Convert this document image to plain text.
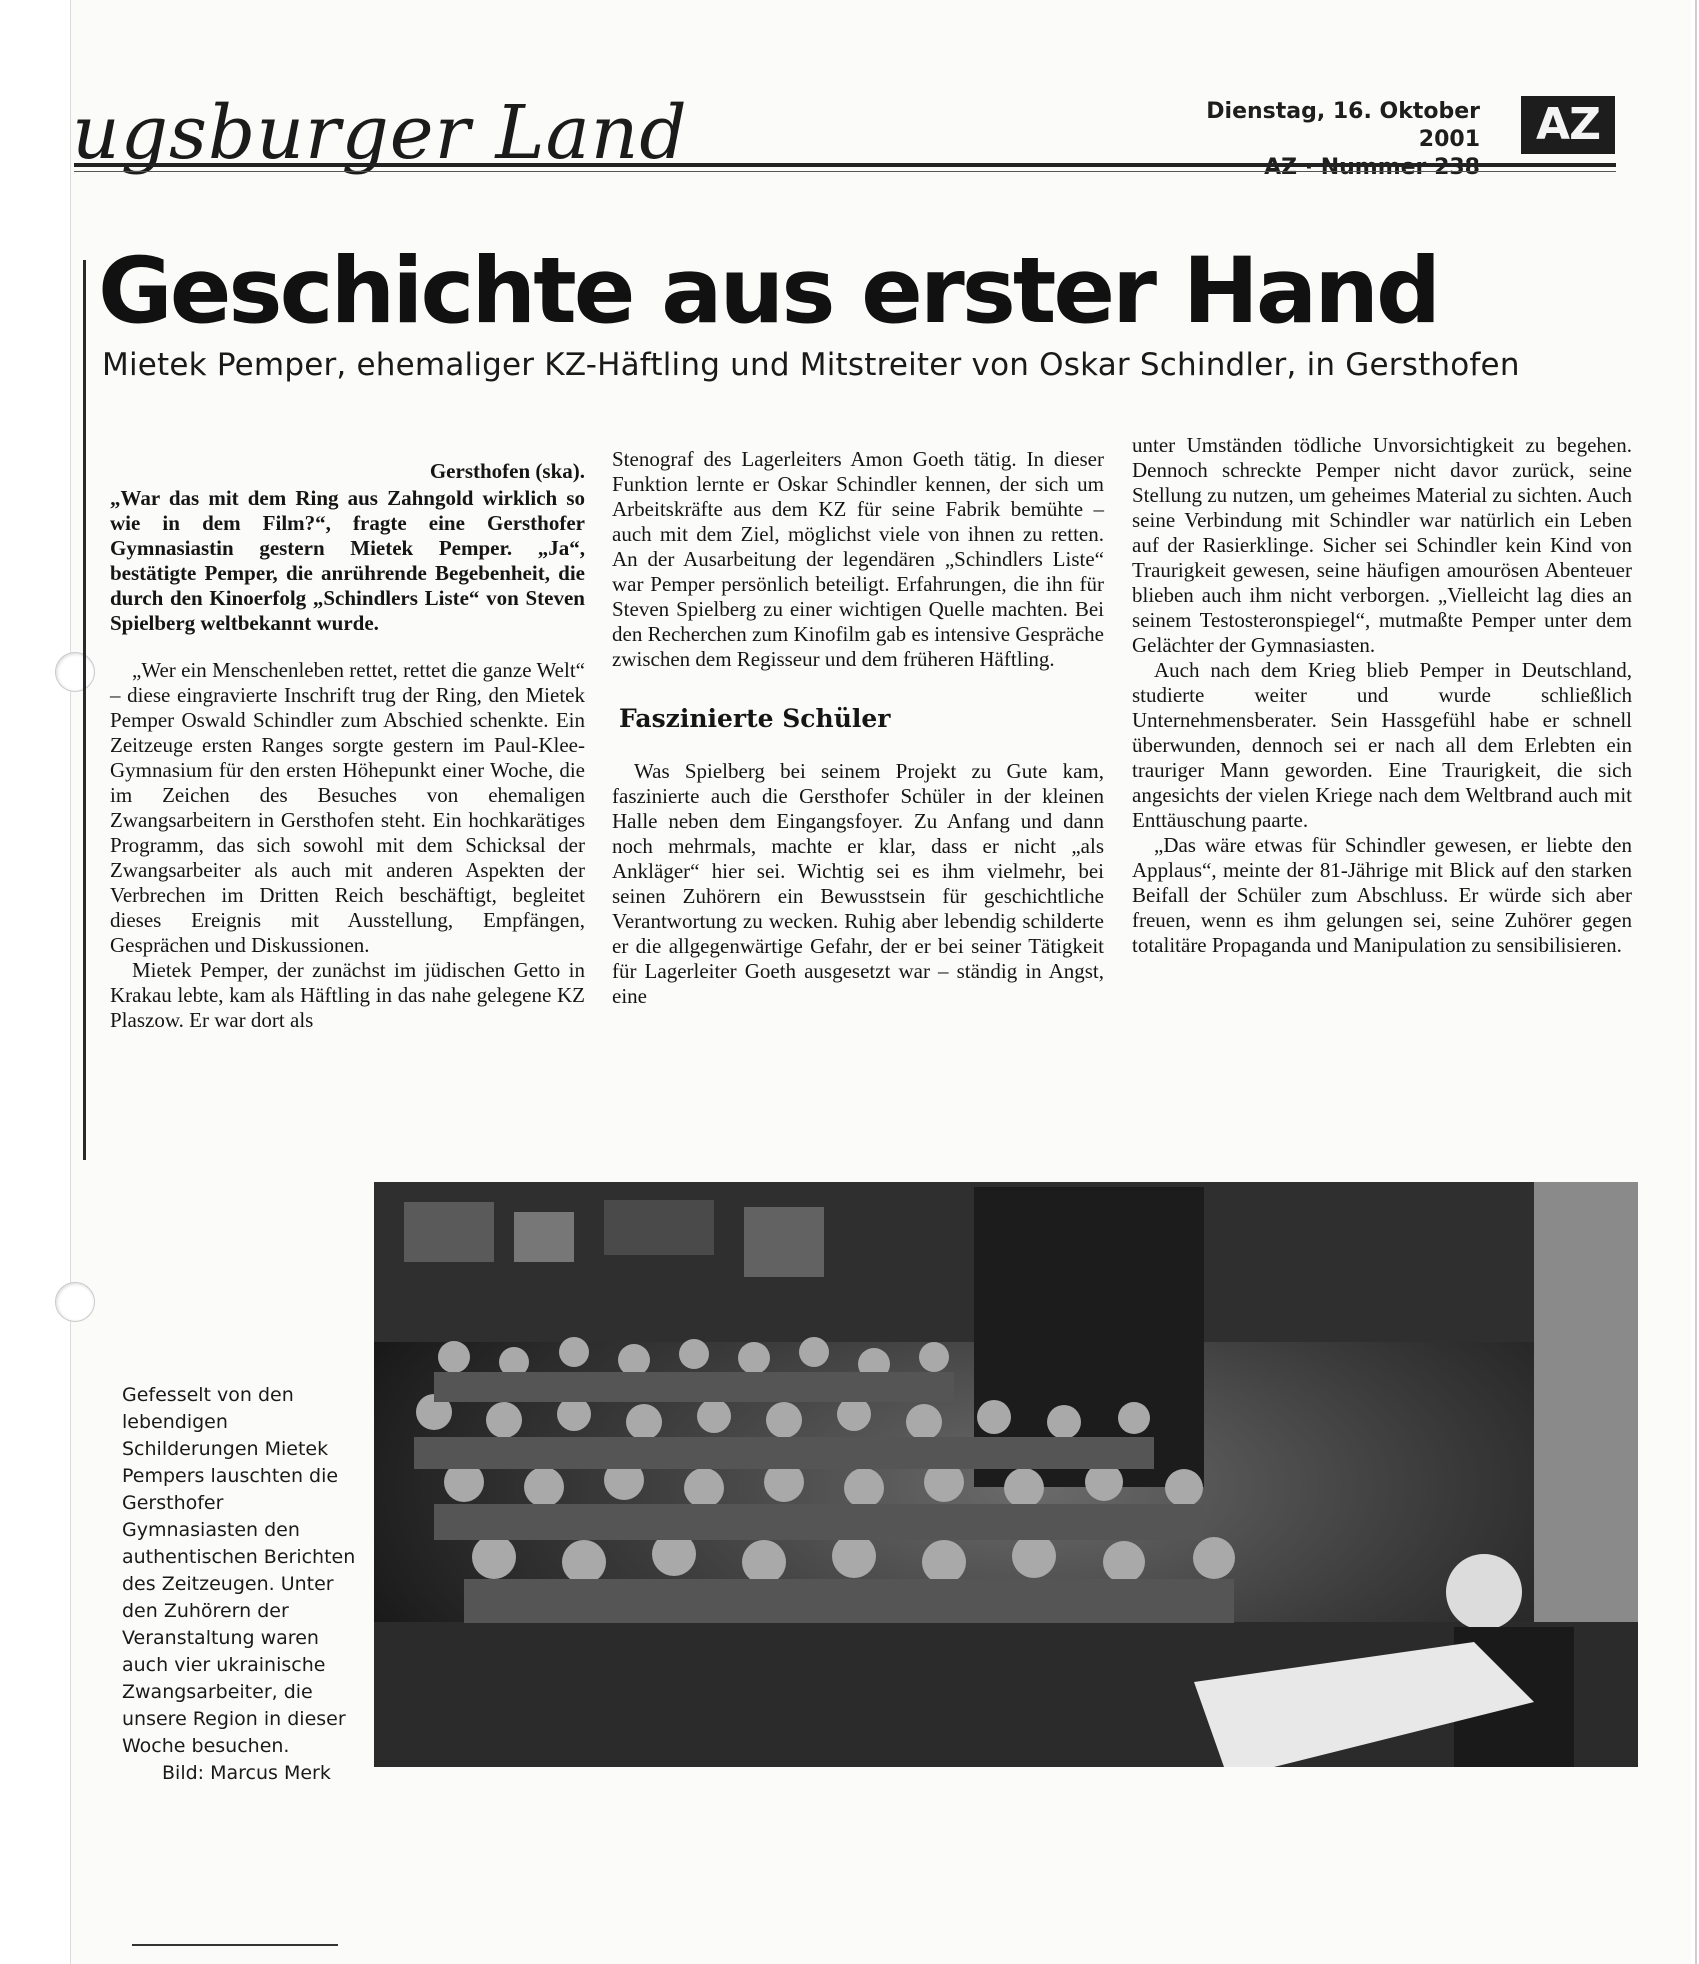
ugsburger Land	Dienstag, 16. Oktober 2001
AZ · Nummer 238
AZ
Geschichte aus erster Hand
Mietek Pemper, ehemaliger KZ-Häftling und Mitstreiter von Oskar Schindler, in Gersthofen
Gersthofen (ska).

„War das mit dem Ring aus Zahngold wirklich so wie in dem Film?“, fragte eine Gersthofer Gymnasiastin gestern Mietek Pemper. „Ja“, bestätigte Pemper, die anrührende Begebenheit, die durch den Kinoerfolg „Schindlers Liste“ von Steven Spielberg weltbekannt wurde.

„Wer ein Menschenleben rettet, rettet die ganze Welt“ – diese eingravierte Inschrift trug der Ring, den Mietek Pemper Oswald Schindler zum Abschied schenkte. Ein Zeitzeuge ersten Ranges sorgte gestern im Paul-Klee-Gymnasium für den ersten Höhepunkt einer Woche, die im Zeichen des Besuches von ehemaligen Zwangsarbeitern in Gersthofen steht. Ein hochkarätiges Programm, das sich sowohl mit dem Schicksal der Zwangsarbeiter als auch mit anderen Aspekten der Verbrechen im Dritten Reich beschäftigt, begleitet dieses Ereignis mit Ausstellung, Empfängen, Gesprächen und Diskussionen.

Mietek Pemper, der zunächst im jüdischen Getto in Krakau lebte, kam als Häftling in das nahe gelegene KZ Plaszow. Er war dort als

Stenograf des Lagerleiters Amon Goeth tätig. In dieser Funktion lernte er Oskar Schindler kennen, der sich um Arbeitskräfte aus dem KZ für seine Fabrik bemühte – auch mit dem Ziel, möglichst viele von ihnen zu retten. An der Ausarbeitung der legendären „Schindlers Liste“ war Pemper persönlich beteiligt. Erfahrungen, die ihn für Steven Spielberg zu einer wichtigen Quelle machten. Bei den Recherchen zum Kinofilm gab es intensive Gespräche zwischen dem Regisseur und dem früheren Häftling.

Faszinierte Schüler

Was Spielberg bei seinem Projekt zu Gute kam, faszinierte auch die Gersthofer Schüler in der kleinen Halle neben dem Eingangsfoyer. Zu Anfang und dann noch mehrmals, machte er klar, dass er nicht „als Ankläger“ hier sei. Wichtig sei es ihm vielmehr, bei seinen Zuhörern ein Bewusstsein für geschichtliche Verantwortung zu wecken. Ruhig aber lebendig schilderte er die allgegenwärtige Gefahr, der er bei seiner Tätigkeit für Lagerleiter Goeth ausgesetzt war – ständig in Angst, eine

unter Umständen tödliche Unvorsichtigkeit zu begehen. Dennoch schreckte Pemper nicht davor zurück, seine Stellung zu nutzen, um geheimes Material zu sichten. Auch seine Verbindung mit Schindler war natürlich ein Leben auf der Rasierklinge. Sicher sei Schindler kein Kind von Traurigkeit gewesen, seine häufigen amourösen Abenteuer blieben auch ihm nicht verborgen. „Vielleicht lag dies an seinem Testosteronspiegel“, mutmaßte Pemper unter dem Gelächter der Gymnasiasten.

Auch nach dem Krieg blieb Pemper in Deutschland, studierte weiter und wurde schließlich Unternehmensberater. Sein Hassgefühl habe er schnell überwunden, dennoch sei er nach all dem Erlebten ein trauriger Mann geworden. Eine Traurigkeit, die sich angesichts der vielen Kriege nach dem Weltbrand auch mit Enttäuschung paarte.

„Das wäre etwas für Schindler gewesen, er liebte den Applaus“, meinte der 81-Jährige mit Blick auf den starken Beifall der Schüler zum Abschluss. Er würde sich aber freuen, wenn es ihm gelungen sei, seine Zuhörer gegen totalitäre Propaganda und Manipulation zu sensibilisieren.

Gefesselt von den lebendigen Schilderungen Mietek Pempers lauschten die Gersthofer Gymnasiasten den authentischen Berichten des Zeitzeugen. Unter den Zuhörern der Veranstaltung waren auch vier ukrainische Zwangsarbeiter, die unsere Region in dieser Woche besuchen.
Bild: Marcus Merk
